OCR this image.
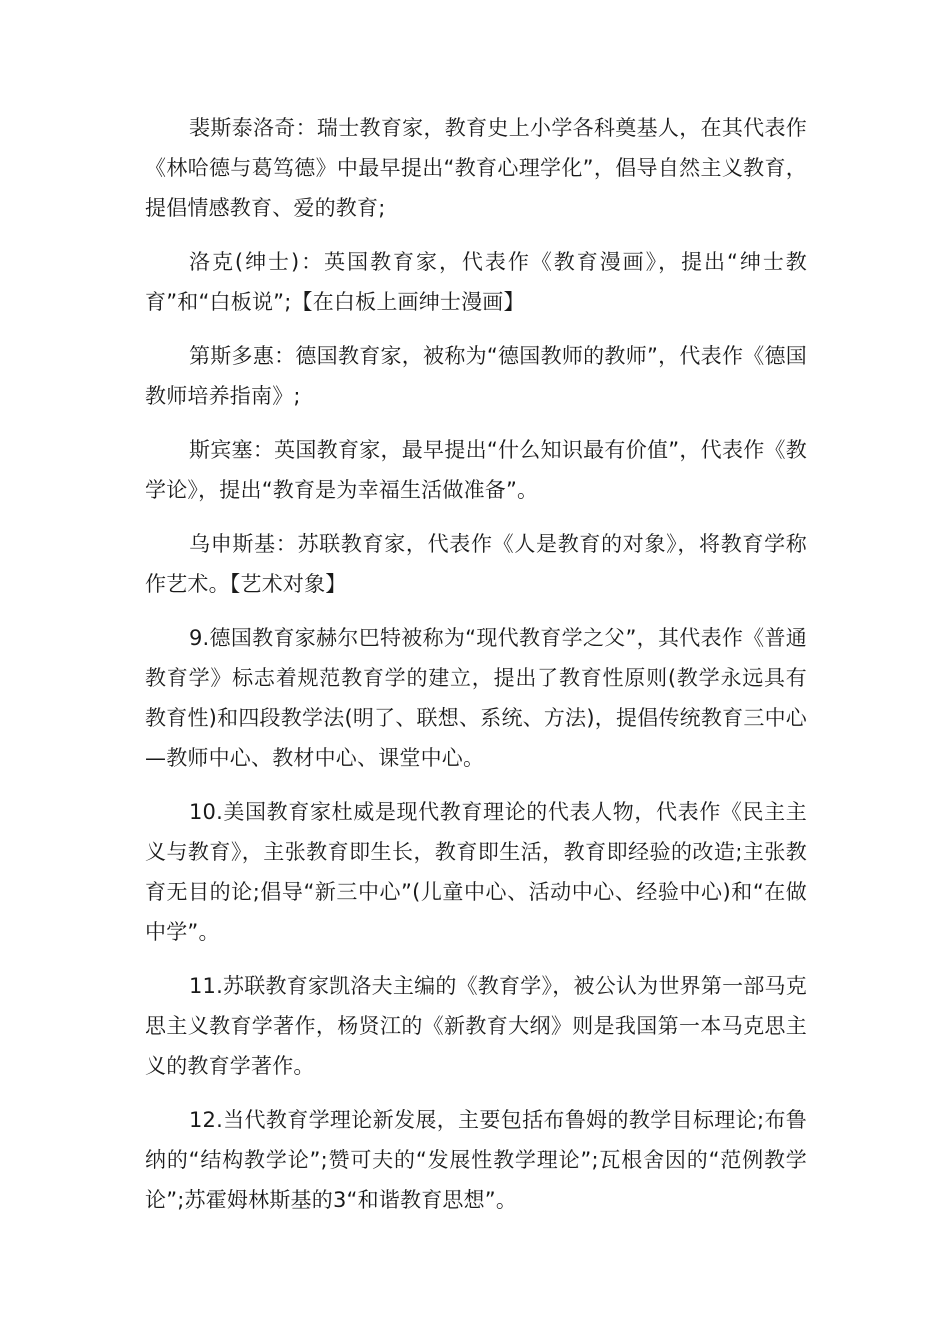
裴斯泰洛奇：瑞士教育家，教育史上小学各科奠基人，在其代表作《林哈德与葛笃德》中最早提出“教育心理学化”，倡导自然主义教育，提倡情感教育、爱的教育;

洛克(绅士)：英国教育家，代表作《教育漫画》，提出“绅士教育”和“白板说”;【在白板上画绅士漫画】

第斯多惠：德国教育家，被称为“德国教师的教师”，代表作《德国教师培养指南》;

斯宾塞：英国教育家，最早提出“什么知识最有价值”，代表作《教学论》，提出“教育是为幸福生活做准备”。

乌申斯基：苏联教育家，代表作《人是教育的对象》，将教育学称作艺术。【艺术对象】

9.德国教育家赫尔巴特被称为“现代教育学之父”，其代表作《普通教育学》标志着规范教育学的建立，提出了教育性原则(教学永远具有教育性)和四段教学法(明了、联想、系统、方法)，提倡传统教育三中心—教师中心、教材中心、课堂中心。

10.美国教育家杜威是现代教育理论的代表人物，代表作《民主主义与教育》，主张教育即生长，教育即生活，教育即经验的改造;主张教育无目的论;倡导“新三中心”(儿童中心、活动中心、经验中心)和“在做中学”。

11.苏联教育家凯洛夫主编的《教育学》，被公认为世界第一部马克思主义教育学著作，杨贤江的《新教育大纲》则是我国第一本马克思主义的教育学著作。

12.当代教育学理论新发展，主要包括布鲁姆的教学目标理论;布鲁纳的“结构教学论”;赞可夫的“发展性教学理论”;瓦根舍因的“范例教学论”;苏霍姆林斯基的3“和谐教育思想”。
